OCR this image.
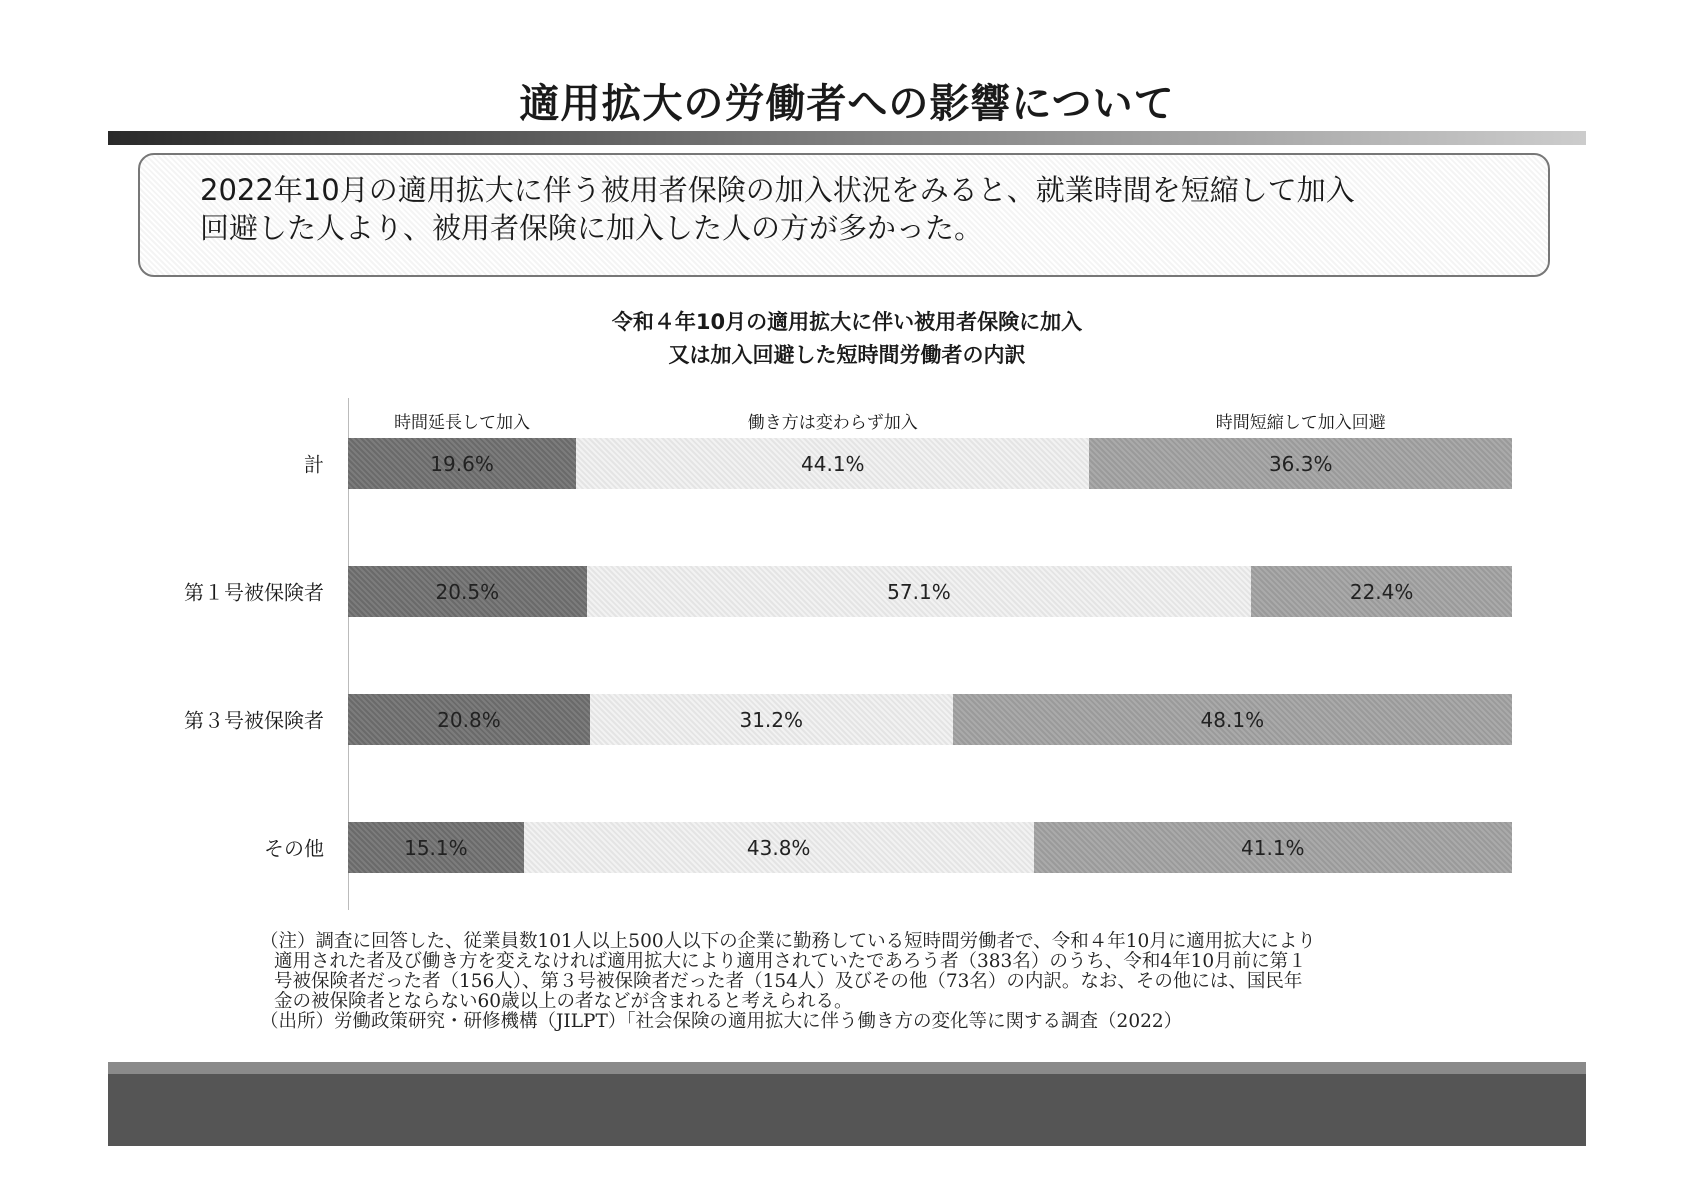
適用拡大の労働者への影響について
2022年10月の適用拡大に伴う被用者保険の加入状況をみると、就業時間を短縮して加入
回避した人より、被用者保険に加入した人の方が多かった。
令和４年10月の適用拡大に伴い被用者保険に加入
又は加入回避した短時間労働者の内訳
時間延長して加入	働き方は変わらず加入	時間短縮して加入回避
計	19.6%	44.1%	36.3%
第１号被保険者	20.5%	57.1%	22.4%
第３号被保険者	20.8%	31.2%	48.1%
その他	15.1%	43.8%	41.1%
（注）調査に回答した、従業員数101人以上500人以下の企業に勤務している短時間労働者で、令和４年10月に適用拡大により
適用された者及び働き方を変えなければ適用拡大により適用されていたであろう者（383名）のうち、令和4年10月前に第１
号被保険者だった者（156人）、第３号被保険者だった者（154人）及びその他（73名）の内訳。なお、その他には、国民年
金の被保険者とならない60歳以上の者などが含まれると考えられる。
（出所）労働政策研究・研修機構（JILPT）「社会保険の適用拡大に伴う働き方の変化等に関する調査（2022）
